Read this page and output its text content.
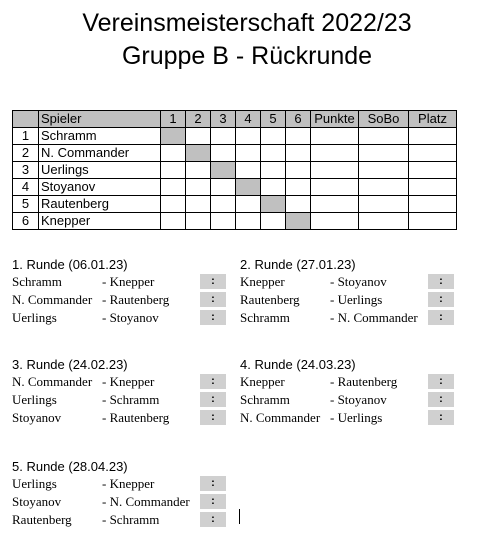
Vereinsmeisterschaft 2022/23
Gruppe B - Rückrunde
	Spieler	1	2	3	4	5	6	Punkte	SoBo	Platz
1	Schramm									
2	N. Commander									
3	Uerlings									
4	Stoyanov									
5	Rautenberg									
6	Knepper									
1. Runde (06.01.23)
Schramm	- Knepper	:
N. Commander - Rautenberg	:
Uerlings	- Stoyanov	:
2. Runde (27.01.23)
Knepper	- Stoyanov	:
Rautenberg - Uerlings	:
Schramm	- N. Commander	:
3. Runde (24.02.23)
N. Commander - Knepper	:
Uerlings	- Schramm	:
Stoyanov	- Rautenberg	:
4. Runde (24.03.23)
Knepper	- Rautenberg	:
Schramm	- Stoyanov	:
N. Commander - Uerlings	:
5. Runde (28.04.23)
Uerlings	- Knepper	:
Stoyanov	- N. Commander	:
Rautenberg - Schramm	:
